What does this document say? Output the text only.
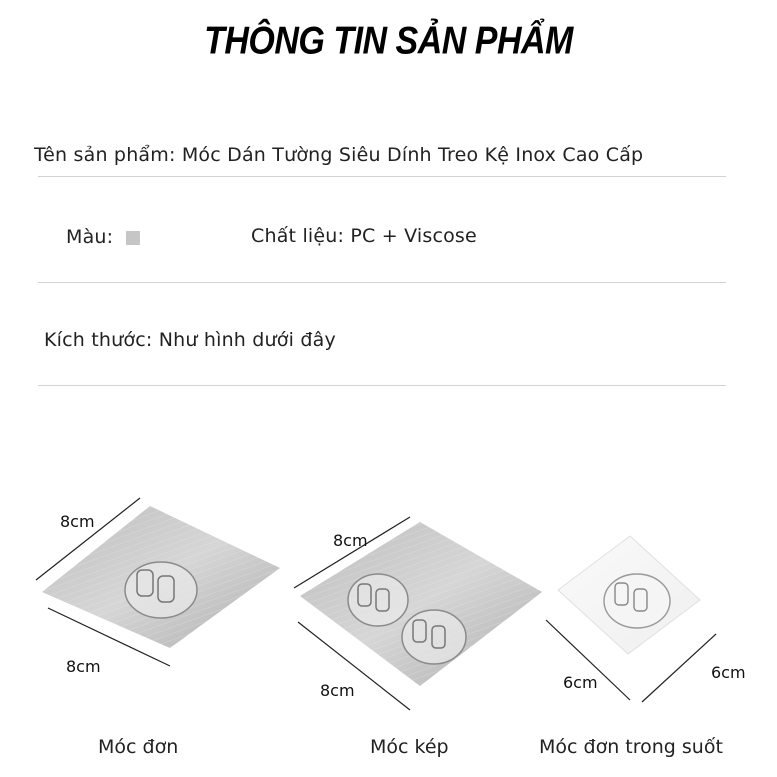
THÔNG TIN SẢN PHẨM
Tên sản phẩm: Móc Dán Tường Siêu Dính Treo Kệ Inox Cao Cấp
Màu:	Chất liệu: PC + Viscose
Kích thước: Như hình dưới đây
8cm
8cm
8cm
8cm	6cm
6cm
Móc đơn	Móc kép	Móc đơn trong suốt
